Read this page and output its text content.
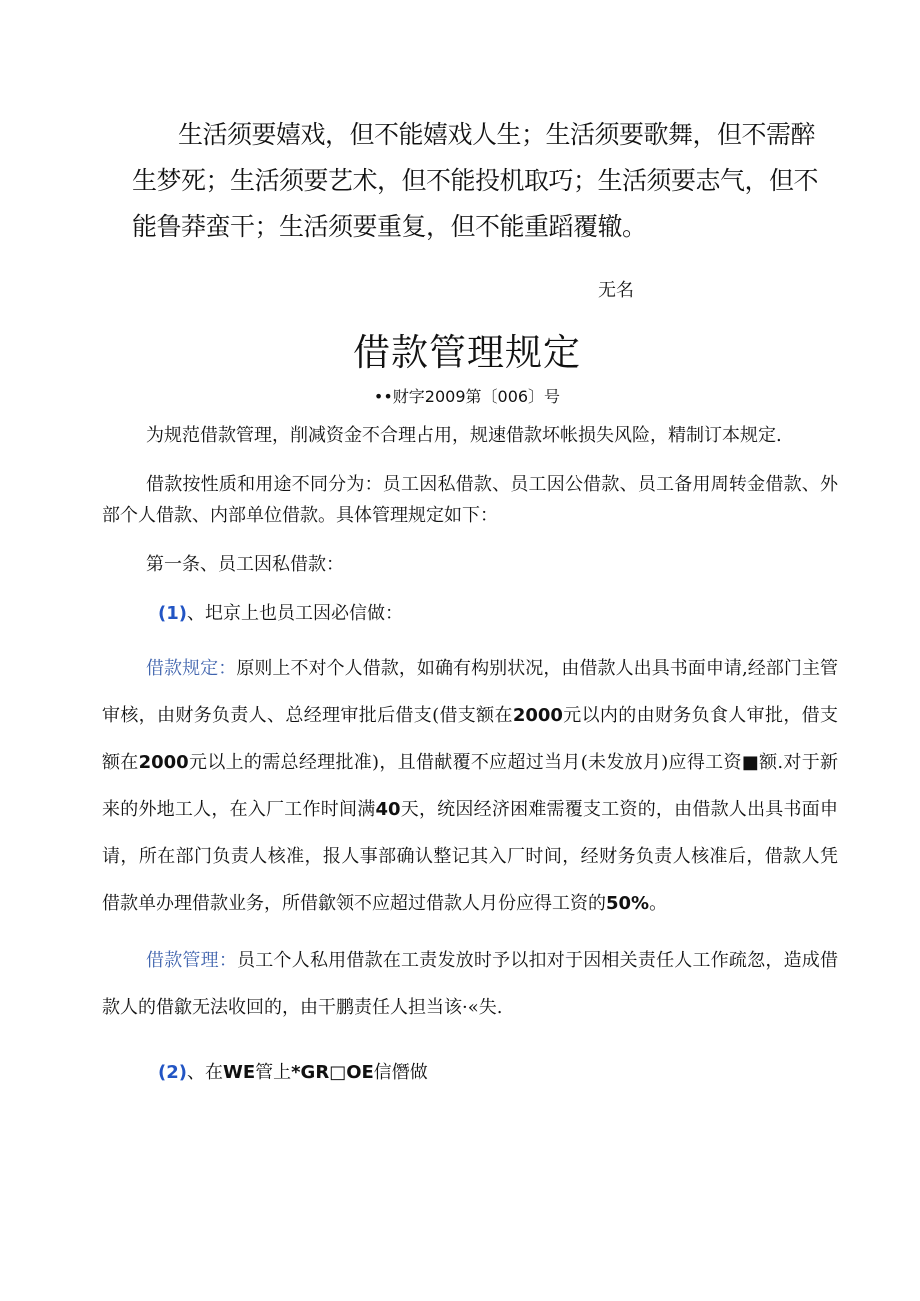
生活须要嬉戏，但不能嬉戏人生；生活须要歌舞，但不需醉生梦死；生活须要艺术，但不能投机取巧；生活须要志气，但不能鲁莽蛮干；生活须要重复，但不能重蹈覆辙。

无名

借款管理规定

••财字2009第〔006〕号

为规范借款管理，削减资金不合理占用，规速借款坏帐损失风险，精制订本规定.

借款按性质和用途不同分为：员工因私借款、员工因公借款、员工备用周转金借款、外部个人借款、内部单位借款。具体管理规定如下：

第一条、员工因私借款：

(1)、圯京上也员工因必信做：

借款规定：原则上不对个人借款，如确有构别状况，由借款人出具书面申请,经部门主管审核，由财务负责人、总经理审批后借支(借支额在2000元以内的由财务负食人审批，借支额在2000元以上的需总经理批准)，且借献覆不应超过当月(未发放月)应得工资■额.对于新来的外地工人，在入厂工作时间满40天，统因经济困难需覆支工资的，由借款人出具书面申请，所在部门负责人核准，报人事部确认整记其入厂时间，经财务负责人核准后，借款人凭借款单办理借款业务，所借歙领不应超过借款人月份应得工资的50%。

借款管理：员工个人私用借款在工责发放时予以扣对于因相关责任人工作疏忽，造成借款人的借歙无法收回的，由干鹏责任人担当该·«失.

(2)、在WE管上*GR□OE信僭做
